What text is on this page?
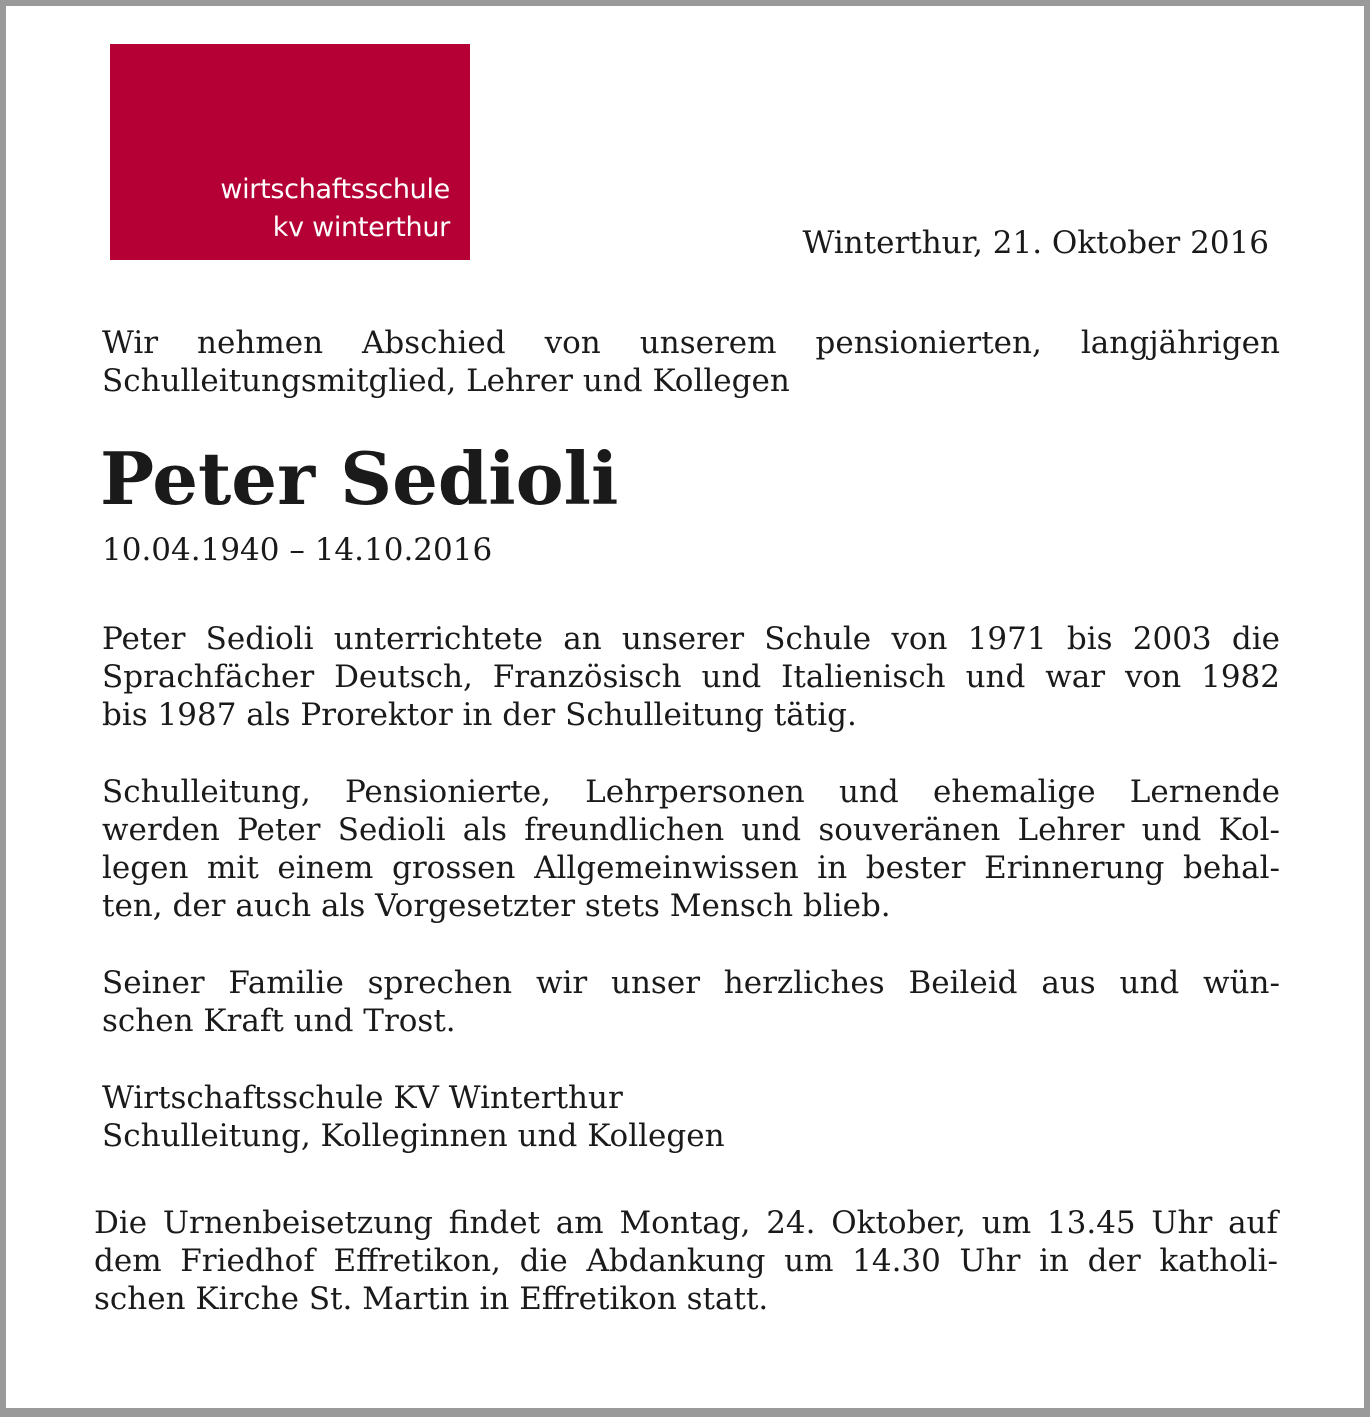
wirtschaftsschule
kv winterthur	Winterthur, 21. Oktober 2016

Wir nehmen Abschied von unserem pensionierten, langjährigen
Schulleitungsmitglied, Lehrer und Kollegen

Peter Sedioli
10.04.1940 – 14.10.2016

Peter Sedioli unterrichtete an unserer Schule von 1971 bis 2003 die
Sprachfächer Deutsch, Französisch und Italienisch und war von 1982
bis 1987 als Prorektor in der Schulleitung tätig.

Schulleitung, Pensionierte, Lehrpersonen und ehemalige Lernende
werden Peter Sedioli als freundlichen und souveränen Lehrer und Kol-
legen mit einem grossen Allgemeinwissen in bester Erinnerung behal-
ten, der auch als Vorgesetzter stets Mensch blieb.

Seiner Familie sprechen wir unser herzliches Beileid aus und wün-
schen Kraft und Trost.

Wirtschaftsschule KV Winterthur
Schulleitung, Kolleginnen und Kollegen

Die Urnenbeisetzung findet am Montag, 24. Oktober, um 13.45 Uhr auf
dem Friedhof Effretikon, die Abdankung um 14.30 Uhr in der katholi-
schen Kirche St. Martin in Effretikon statt.
